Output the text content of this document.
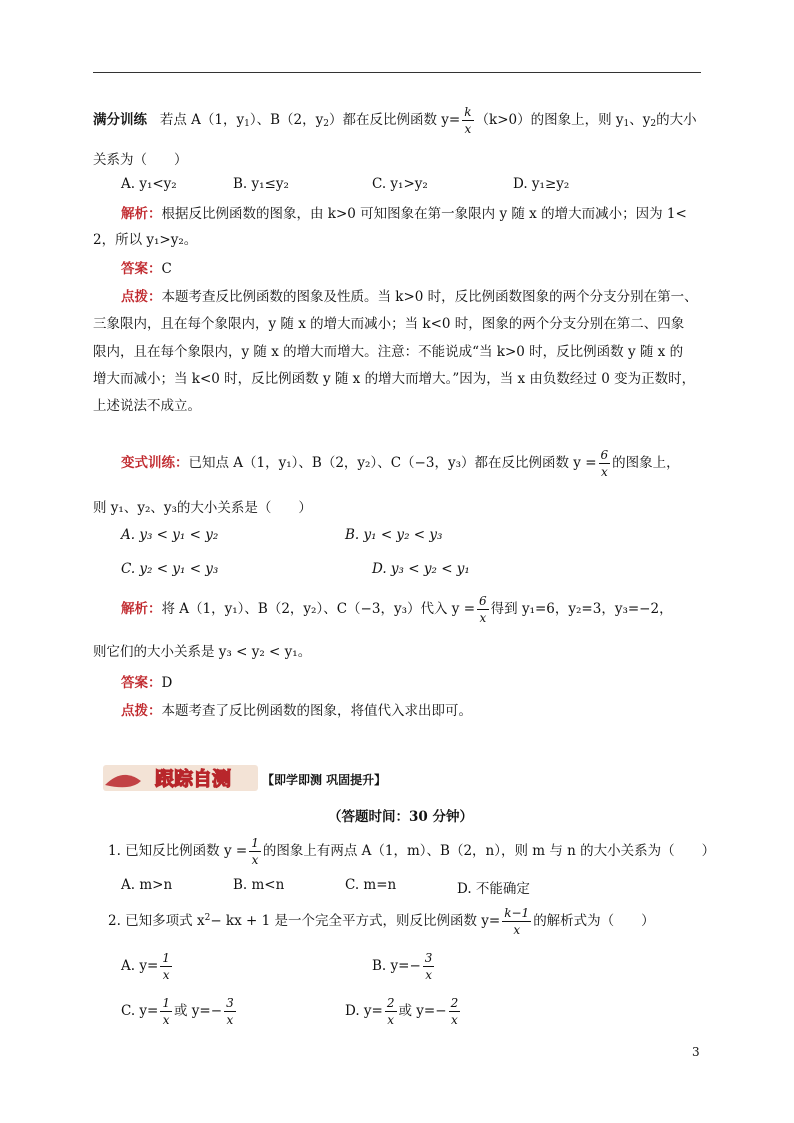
满分训练 若点 A（1，$y_1$）、B（2，$y_2$）都在反比例函数 $y= \frac{k}{x} (k>0)$的图象上，则 $y_1$、$y_2$的大小
关系为（　　）
A. y₁<y₂	B. y₁≤y₂	C. y₁>y₂	D. y₁≥y₂
解析：根据反比例函数的图象，由 k>0 可知图象在第一象限内 y 随 x 的增大而减小；因为 1<
2，所以 y₁>y₂。
答案：C
点拨：本题考查反比例函数的图象及性质。当 k>0 时，反比例函数图象的两个分支分别在第一、
三象限内，且在每个象限内，y 随 x 的增大而减小；当 k<0 时，图象的两个分支分别在第二、四象
限内，且在每个象限内，y 随 x 的增大而增大。注意：不能说成“当 k>0 时，反比例函数 y 随 x 的
增大而减小；当 k<0 时，反比例函数 y 随 x 的增大而增大。”因为，当 x 由负数经过 0 变为正数时，
上述说法不成立。
变式训练：已知点 A（1，y₁）、B（2，y₂）、C（−3，y₃）都在反比例函数 $y = \frac{6}{x}$ 的图象上，
则 y₁、y₂、y₃的大小关系是（　　）
A. y₃ < y₁ < y₂	B. y₁ < y₂ < y₃
C. y₂ < y₁ < y₃	D. y₃ < y₂ < y₁
解析：将 A（1，y₁）、B（2，y₂）、C（−3，y₃）代入 $y = \frac{6}{x}$ 得到 y₁=6，y₂=3，y₃=−2，
则它们的大小关系是 y₃ < y₂ < y₁。
答案：D
点拨：本题考查了反比例函数的图象，将值代入求出即可。
跟踪自测	【即学即测 巩固提升】
（答题时间：30 分钟）
1. 已知反比例函数 $y = \frac{1}{x}$ 的图象上有两点 A（1，m）、B（2，n），则 m 与 n 的大小关系为（　　）
A. m>n	B. m<n	C. m=n	D. 不能确定
2. 已知多项式 $x^2-$ kx + 1 是一个完全平方式，则反比例函数 $y= \frac{k-1}{x}$ 的解析式为（　　）
A. $y= \frac{1}{x}$	B. $y=- \frac{3}{x}$
C. $y= \frac{1}{x}$ 或 $y=- \frac{3}{x}$	D. $y= \frac{2}{x}$ 或 $y=- \frac{2}{x}$
3
